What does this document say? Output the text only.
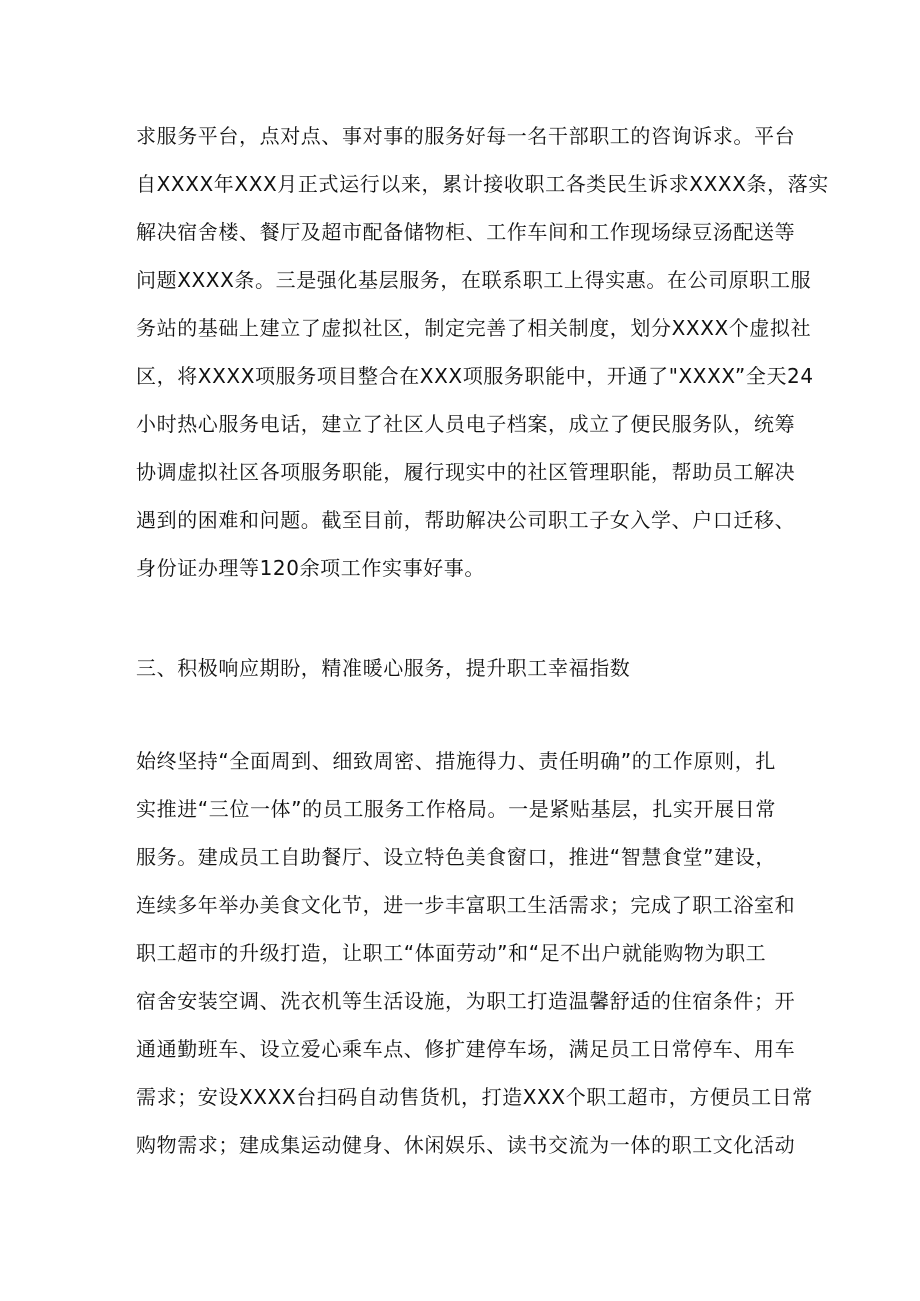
求服务平台，点对点、事对事的服务好每一名干部职工的咨询诉求。平台
自XXXX年XXX月正式运行以来，累计接收职工各类民生诉求XXXX条，落实
解决宿舍楼、餐厅及超市配备储物柜、工作车间和工作现场绿豆汤配送等
问题XXXX条。三是强化基层服务，在联系职工上得实惠。在公司原职工服
务站的基础上建立了虚拟社区，制定完善了相关制度，划分XXXX个虚拟社
区，将XXXX项服务项目整合在XXX项服务职能中，开通了"XXXX”全天24
小时热心服务电话，建立了社区人员电子档案，成立了便民服务队，统筹
协调虚拟社区各项服务职能，履行现实中的社区管理职能，帮助员工解决
遇到的困难和问题。截至目前，帮助解决公司职工子女入学、户口迁移、
身份证办理等120余项工作实事好事。
三、积极响应期盼，精准暖心服务，提升职工幸福指数
始终坚持“全面周到、细致周密、措施得力、责任明确”的工作原则，扎
实推进“三位一体”的员工服务工作格局。一是紧贴基层，扎实开展日常
服务。建成员工自助餐厅、设立特色美食窗口，推进“智慧食堂”建设，
连续多年举办美食文化节，进一步丰富职工生活需求；完成了职工浴室和
职工超市的升级打造，让职工“体面劳动”和“足不出户就能购物为职工
宿舍安装空调、洗衣机等生活设施，为职工打造温馨舒适的住宿条件；开
通通勤班车、设立爱心乘车点、修扩建停车场，满足员工日常停车、用车
需求；安设XXXX台扫码自动售货机，打造XXX个职工超市，方便员工日常
购物需求；建成集运动健身、休闲娱乐、读书交流为一体的职工文化活动
